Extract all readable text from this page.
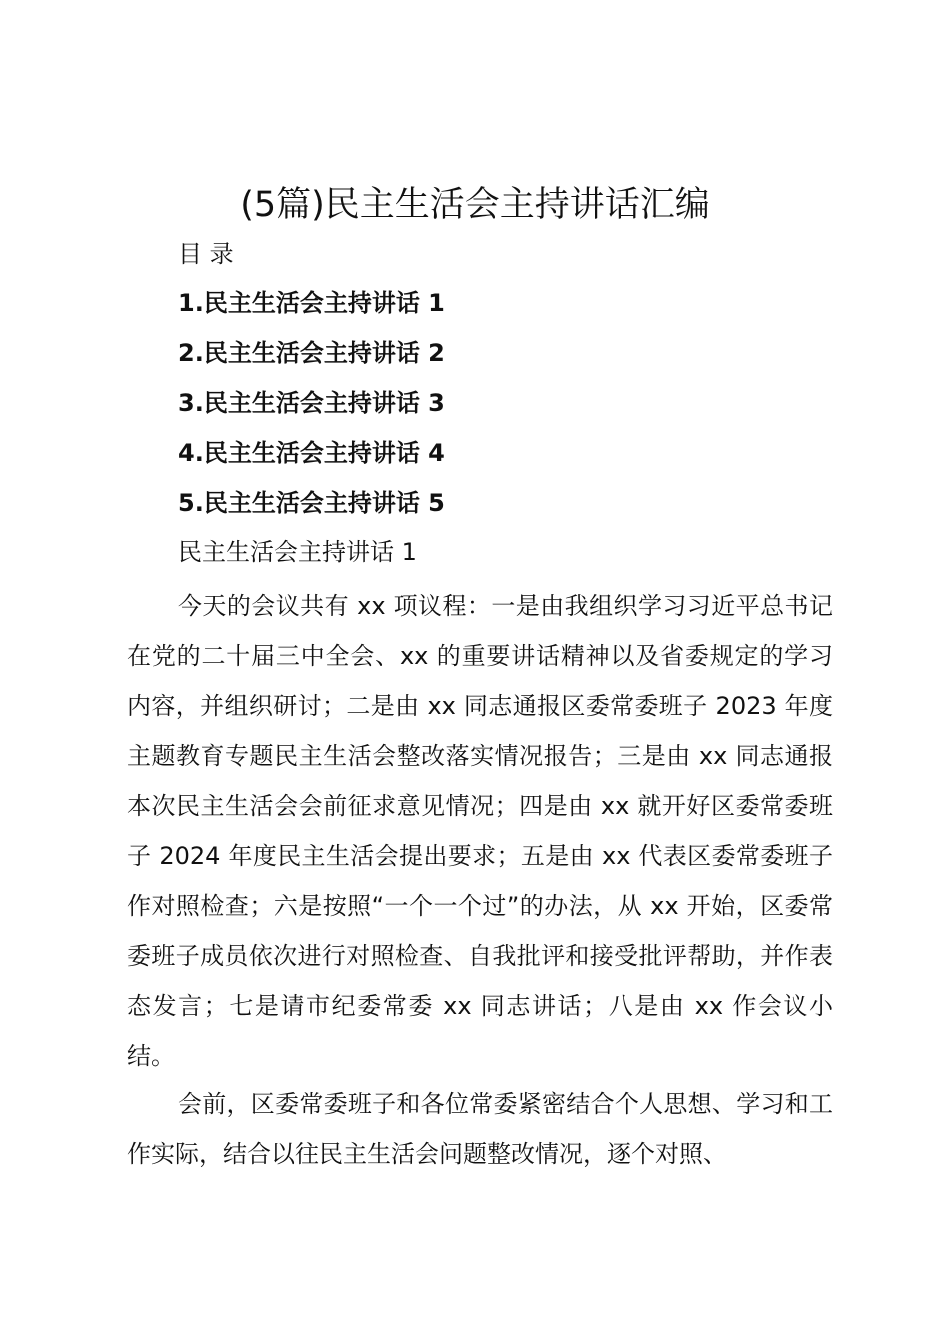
(5篇)民主生活会主持讲话汇编

目 录

1.民主生活会主持讲话 1
2.民主生活会主持讲话 2
3.民主生活会主持讲话 3
4.民主生活会主持讲话 4
5.民主生活会主持讲话 5

民主生活会主持讲话 1

今天的会议共有 xx 项议程：一是由我组织学习习近平总书记在党的二十届三中全会、xx 的重要讲话精神以及省委规定的学习内容，并组织研讨；二是由 xx 同志通报区委常委班子 2023 年度主题教育专题民主生活会整改落实情况报告；三是由 xx 同志通报本次民主生活会会前征求意见情况；四是由 xx 就开好区委常委班子 2024 年度民主生活会提出要求；五是由 xx 代表区委常委班子作对照检查；六是按照“一个一个过”的办法，从 xx 开始，区委常委班子成员依次进行对照检查、自我批评和接受批评帮助，并作表态发言；七是请市纪委常委 xx 同志讲话；八是由 xx 作会议小结。

会前，区委常委班子和各位常委紧密结合个人思想、学习和工作实际，结合以往民主生活会问题整改情况，逐个对照、
